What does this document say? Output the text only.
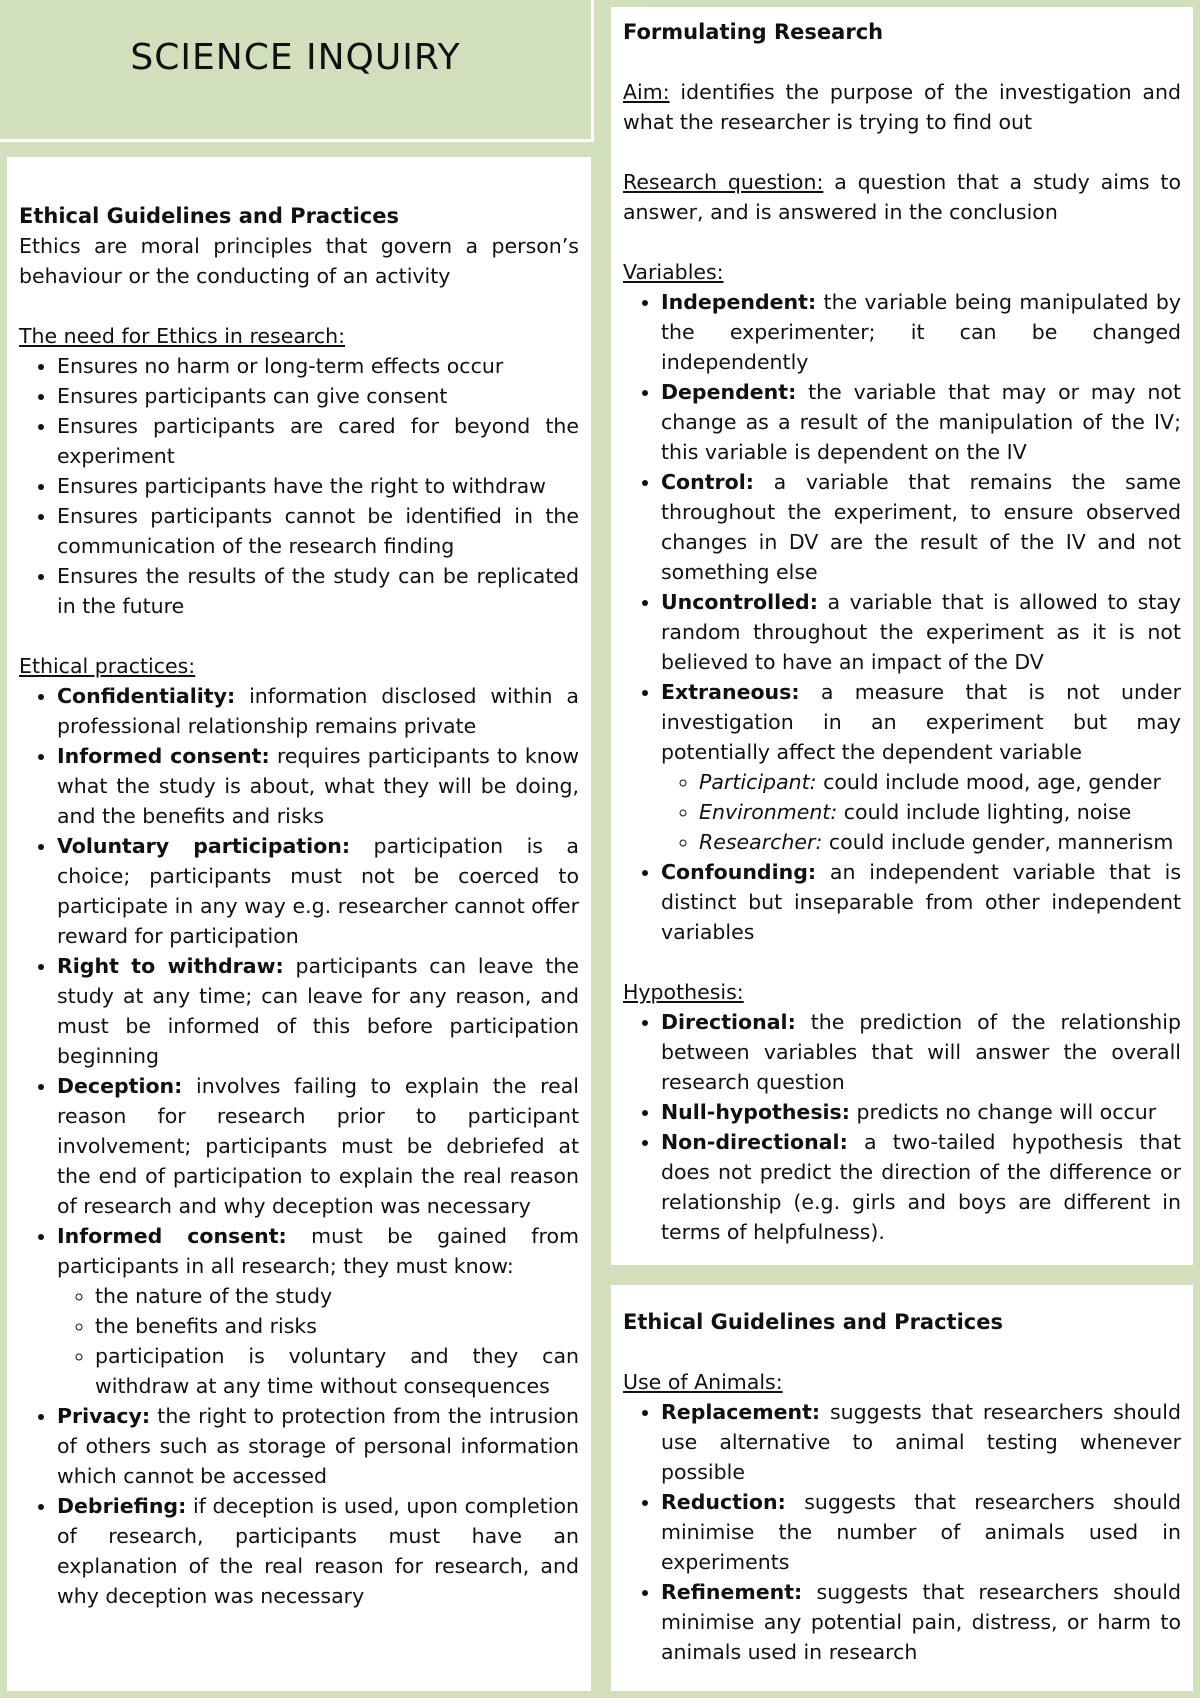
SCIENCE INQUIRY
Ethical Guidelines and Practices

Ethics are moral principles that govern a person’s behaviour or the conducting of an activity

The need for Ethics in research:
• Ensures no harm or long-term effects occur
• Ensures participants can give consent
• Ensures participants are cared for beyond the experiment
• Ensures participants have the right to withdraw
• Ensures participants cannot be identified in the communication of the research finding
• Ensures the results of the study can be replicated in the future
Ethical practices:
• Confidentiality: information disclosed within a professional relationship remains private
• Informed consent: requires participants to know what the study is about, what they will be doing, and the benefits and risks
• Voluntary participation: participation is a choice; participants must not be coerced to participate in any way e.g. researcher cannot offer reward for participation
• Right to withdraw: participants can leave the study at any time; can leave for any reason, and must be informed of this before participation beginning
• Deception: involves failing to explain the real reason for research prior to participant involvement; participants must be debriefed at the end of participation to explain the real reason of research and why deception was necessary
• Informed consent: must be gained from participants in all research; they must know:
◦ the nature of the study
◦ the benefits and risks
◦ participation is voluntary and they can withdraw at any time without consequences
• Privacy: the right to protection from the intrusion of others such as storage of personal information which cannot be accessed
• Debriefing: if deception is used, upon completion of research, participants must have an explanation of the real reason for research, and why deception was necessary
Formulating Research

Aim: identifies the purpose of the investigation and what the researcher is trying to find out

Research question: a question that a study aims to answer, and is answered in the conclusion

Variables:
• Independent: the variable being manipulated by the experimenter; it can be changed independently
• Dependent: the variable that may or may not change as a result of the manipulation of the IV; this variable is dependent on the IV
• Control: a variable that remains the same throughout the experiment, to ensure observed changes in DV are the result of the IV and not something else
• Uncontrolled: a variable that is allowed to stay random throughout the experiment as it is not believed to have an impact of the DV
• Extraneous: a measure that is not under investigation in an experiment but may potentially affect the dependent variable
◦ Participant: could include mood, age, gender
◦ Environment: could include lighting, noise
◦ Researcher: could include gender, mannerism
• Confounding: an independent variable that is distinct but inseparable from other independent variables
Hypothesis:
• Directional: the prediction of the relationship between variables that will answer the overall research question
• Null-hypothesis: predicts no change will occur
• Non-directional: a two-tailed hypothesis that does not predict the direction of the difference or relationship (e.g. girls and boys are different in terms of helpfulness).
Ethical Guidelines and Practices
Use of Animals:
• Replacement: suggests that researchers should use alternative to animal testing whenever possible
• Reduction: suggests that researchers should minimise the number of animals used in experiments
• Refinement: suggests that researchers should minimise any potential pain, distress, or harm to animals used in research
